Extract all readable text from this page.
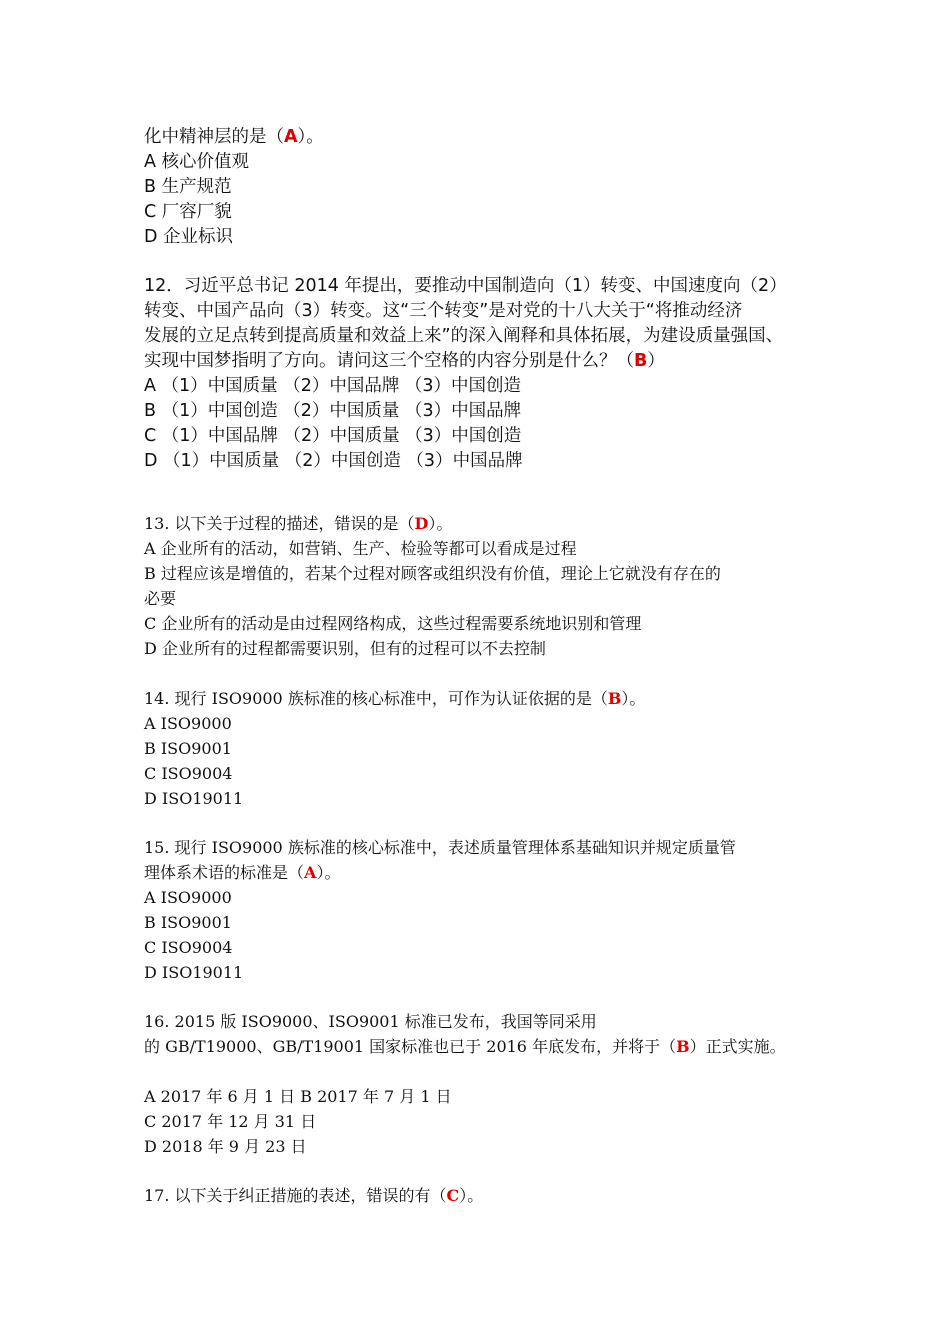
化中精神层的是（A）。
A 核心价值观
B 生产规范
C 厂容厂貌
D 企业标识
12．习近平总书记 2014 年提出，要推动中国制造向（1）转变、中国速度向（2）
转变、中国产品向（3）转变。这“三个转变”是对党的十八大关于“将推动经济
发展的立足点转到提高质量和效益上来”的深入阐释和具体拓展，为建设质量强国、
实现中国梦指明了方向。请问这三个空格的内容分别是什么？（B）
A （1）中国质量 （2）中国品牌 （3）中国创造
B （1）中国创造 （2）中国质量 （3）中国品牌
C （1）中国品牌 （2）中国质量 （3）中国创造
D （1）中国质量 （2）中国创造 （3）中国品牌
13. 以下关于过程的描述，错误的是（D）。
A 企业所有的活动，如营销、生产、检验等都可以看成是过程
B 过程应该是增值的，若某个过程对顾客或组织没有价值，理论上它就没有存在的
必要
C 企业所有的活动是由过程网络构成，这些过程需要系统地识别和管理
D 企业所有的过程都需要识别，但有的过程可以不去控制
14. 现行 ISO9000 族标准的核心标准中，可作为认证依据的是（B）。
A ISO9000
B ISO9001
C ISO9004
D ISO19011
15. 现行 ISO9000 族标准的核心标准中，表述质量管理体系基础知识并规定质量管
理体系术语的标准是（A）。
A ISO9000
B ISO9001
C ISO9004
D ISO19011
16. 2015 版 ISO9000、ISO9001 标准已发布，我国等同采用
的 GB/T19000、GB/T19001 国家标准也已于 2016 年底发布，并将于（B）正式实施。
A 2017 年 6 月 1 日 B 2017 年 7 月 1 日
C 2017 年 12 月 31 日
D 2018 年 9 月 23 日
17. 以下关于纠正措施的表述，错误的有（C）。
